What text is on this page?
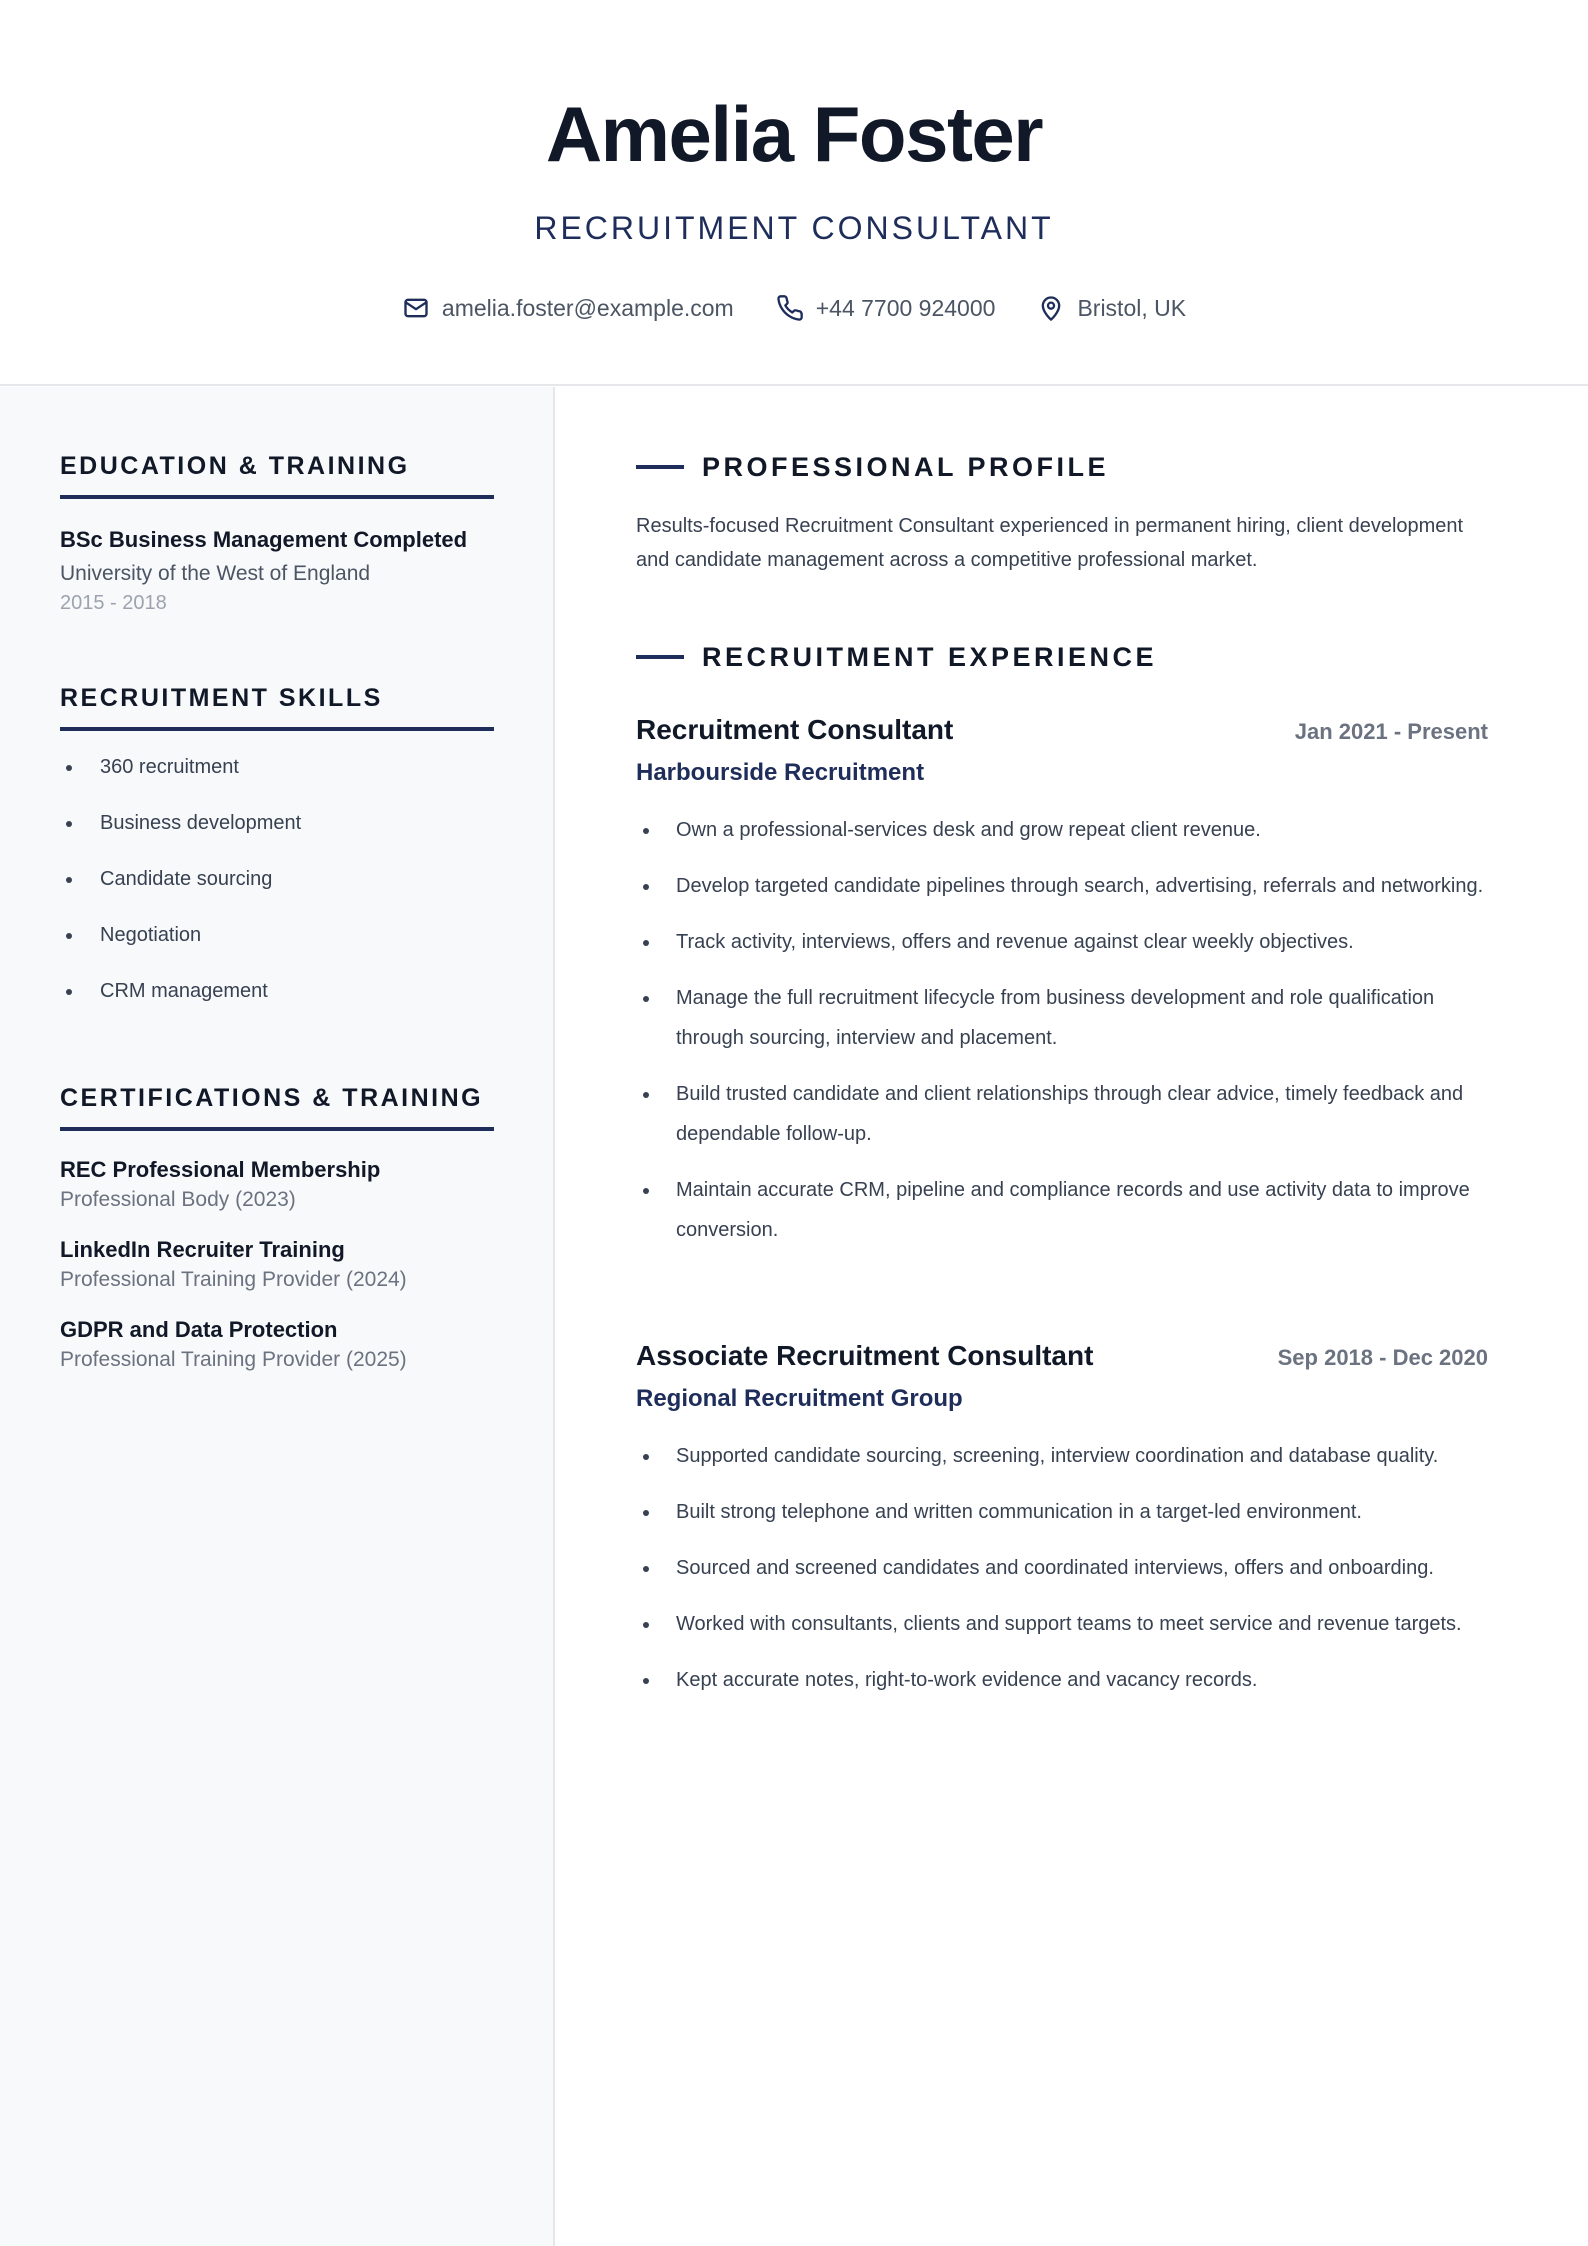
Amelia Foster
RECRUITMENT CONSULTANT
amelia.foster@example.com	+44 7700 924000	Bristol, UK
EDUCATION & TRAINING
BSc Business Management Completed
University of the West of England
2015 - 2018
RECRUITMENT SKILLS
360 recruitment
Business development
Candidate sourcing
Negotiation
CRM management
CERTIFICATIONS & TRAINING
REC Professional Membership
Professional Body (2023)
LinkedIn Recruiter Training
Professional Training Provider (2024)
GDPR and Data Protection
Professional Training Provider (2025)
PROFESSIONAL PROFILE

Results-focused Recruitment Consultant experienced in permanent hiring, client development and candidate management across a competitive professional market.

RECRUITMENT EXPERIENCE
Recruitment Consultant	Jan 2021 - Present
Harbourside Recruitment
Own a professional-services desk and grow repeat client revenue.
Develop targeted candidate pipelines through search, advertising, referrals and networking.
Track activity, interviews, offers and revenue against clear weekly objectives.
Manage the full recruitment lifecycle from business development and role qualification through sourcing, interview and placement.
Build trusted candidate and client relationships through clear advice, timely feedback and dependable follow-up.
Maintain accurate CRM, pipeline and compliance records and use activity data to improve conversion.
Associate Recruitment Consultant	Sep 2018 - Dec 2020
Regional Recruitment Group
Supported candidate sourcing, screening, interview coordination and database quality.
Built strong telephone and written communication in a target-led environment.
Sourced and screened candidates and coordinated interviews, offers and onboarding.
Worked with consultants, clients and support teams to meet service and revenue targets.
Kept accurate notes, right-to-work evidence and vacancy records.
